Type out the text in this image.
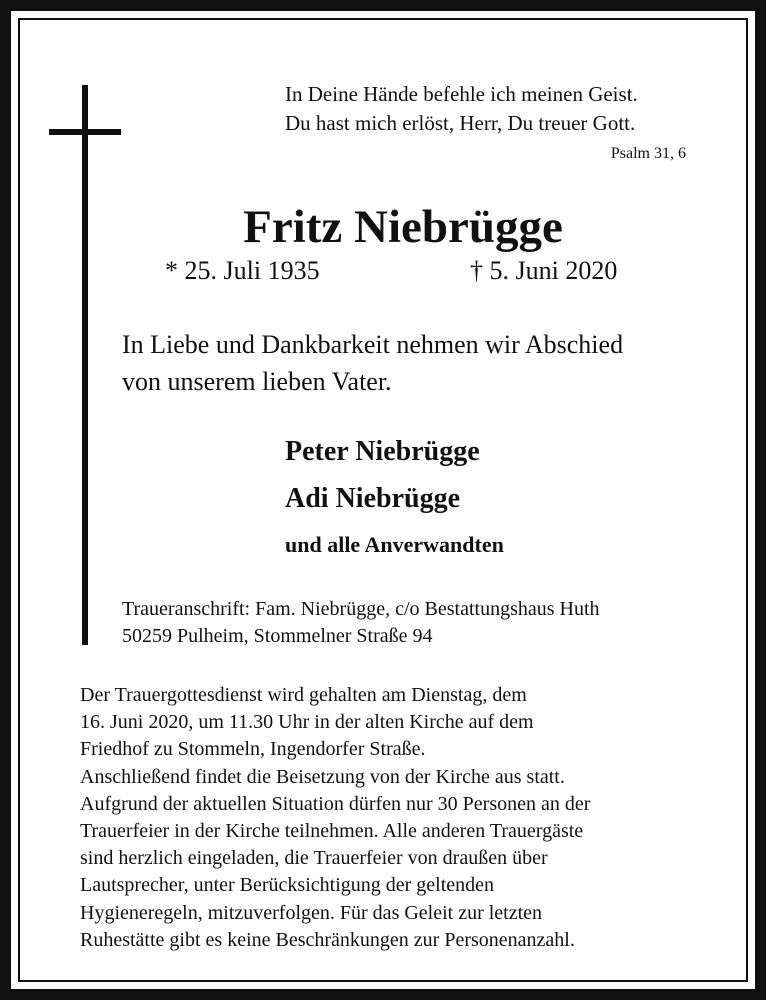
In Deine Hände befehle ich meinen Geist.
Du hast mich erlöst, Herr, Du treuer Gott.
Psalm 31, 6
Fritz Niebrügge
* 25. Juli 1935	† 5. Juni 2020
In Liebe und Dankbarkeit nehmen wir Abschied
von unserem lieben Vater.
Peter Niebrügge
Adi Niebrügge
und alle Anverwandten
Traueranschrift: Fam. Niebrügge, c/o Bestattungshaus Huth
50259 Pulheim, Stommelner Straße 94
Der Trauergottesdienst wird gehalten am Dienstag, dem
16. Juni 2020, um 11.30 Uhr in der alten Kirche auf dem
Friedhof zu Stommeln, Ingendorfer Straße.
Anschließend findet die Beisetzung von der Kirche aus statt.
Aufgrund der aktuellen Situation dürfen nur 30 Personen an der
Trauerfeier in der Kirche teilnehmen. Alle anderen Trauergäste
sind herzlich eingeladen, die Trauerfeier von draußen über
Lautsprecher, unter Berücksichtigung der geltenden
Hygieneregeln, mitzuverfolgen. Für das Geleit zur letzten
Ruhestätte gibt es keine Beschränkungen zur Personenanzahl.
